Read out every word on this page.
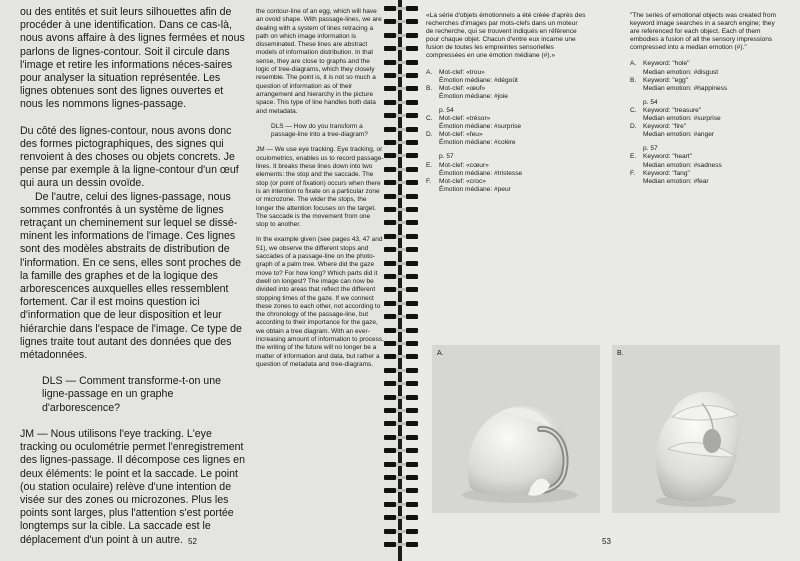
ou des entités et suit leurs silhouettes afin de procéder à une identification. Dans ce cas-là, nous avons affaire à des lignes fermées et nous parlons de lignes-contour. Soit il circule dans l'image et retire les informations néces-saires pour analyser la situation représentée. Les lignes obtenues sont des lignes ouvertes et nous les nommons lignes-passage.

Du côté des lignes-contour, nous avons donc des formes pictographiques, des signes qui renvoient à des choses ou objets concrets. Je pense par exemple à la ligne-contour d'un œuf qui aura un dessin ovoïde.

De l'autre, celui des lignes-passage, nous sommes confrontés à un système de lignes retraçant un cheminement sur lequel se dissé-minent les informations de l'image. Ces lignes sont des modèles abstraits de distribution de l'information. En ce sens, elles sont proches de la famille des graphes et de la logique des arborescences auxquelles elles ressemblent fortement. Car il est moins question ici d'information que de leur disposition et leur hiérarchie dans l'espace de l'image. Ce type de lignes traite tout autant des données que des métadonnées.

DLS — Comment transforme-t-on une ligne-passage en un graphe d'arborescence?

JM — Nous utilisons l'eye tracking. L'eye tracking ou oculométrie permet l'enregistrement des lignes-passage. Il décompose ces lignes en deux éléments: le point et la saccade. Le point (ou station oculaire) relève d'une intention de visée sur des zones ou microzones. Plus les points sont larges, plus l'attention s'est portée longtemps sur la cible. La saccade est le déplacement d'un point à un autre.

the contour-line of an egg, which will have an ovoid shape. With passage-lines, we are dealing with a system of lines retracing a path on which image information is disseminated. These lines are abstract models of information distribution. In that sense, they are close to graphs and the logic of tree-diagrams, which they closely resemble. The point is, it is not so much a question of information as of their arrangement and hierarchy in the picture space. This type of line handles both data and metadata.

DLS — How do you transform a passage-line into a tree-diagram?

JM — We use eye tracking. Eye tracking, or oculometrics, enables us to record passage-lines. It breaks these lines down into two elements: the stop and the saccade. The stop (or point of fixation) occurs when there is an intention to fixate on a particular zone or microzone. The wider the stops, the longer the attention focuses on the target. The saccade is the movement from one stop to another.

In the example given (see pages 43, 47 and 51), we observe the different stops and saccades of a passage-line on the photo-graph of a palm tree. Where did the gaze move to? For how long? Which parts did it dwell on longest? The image can now be divided into areas that reflect the different stopping times of the gaze. If we connect these zones to each other, not according to the chronology of the passage-line, but according to their importance for the gaze, we obtain a tree diagram. With an ever-increasing amount of information to process, the writing of the future will no longer be a matter of information and data, but rather a question of metadata and tree-diagrams.

52

«La série d'objets émotionnels a été créée d'après des recherches d'images par mots-clefs dans un moteur de recherche, qui se trouvent indiqués en référence pour chaque objet. Chacun d'entre eux incarne une fusion de toutes les empreintes sensorielles compressées en une émotion médiane (#).»

A. Mot-clef: «trou»

Émotion médiane: #dégoût

B. Mot-clef: «œuf»

Émotion médiane: #joie

p. 54

C. Mot-clef: «trésor»

Émotion médiane: #surprise

D. Mot-clef: «feu»

Émotion médiane: #colère

p. 57

E. Mot-clef: «cœur»

Émotion médiane: #tristesse

F. Mot-clef: «croc»

Émotion médiane: #peur

"The series of emotional objects was created from keyword image searches in a search engine; they are referenced for each object. Each of them embodies a fusion of all the sensory impressions compressed into a median emotion (#)."

A. Keyword: "hole"

Median emotion: #disgust

B. Keyword: "egg"

Median emotion: #happiness

p. 54

C. Keyword: "treasure"

Median emotion: #surprise

D. Keyword: "fire"

Median emotion: #anger

p. 57

E. Keyword: "heart"

Median emotion: #sadness

F. Keyword: "fang"

Median emotion: #fear

A.	B.
53
